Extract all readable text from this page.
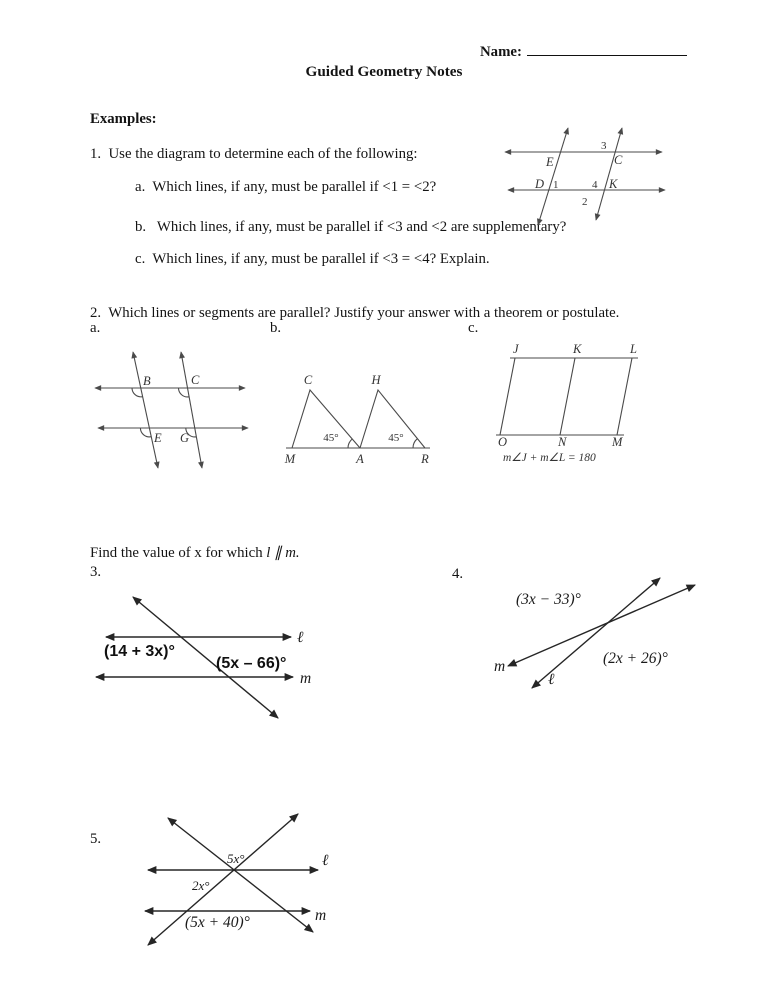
Name:
Guided Geometry Notes
Examples:
1.  Use the diagram to determine each of the following:
a.  Which lines, if any, must be parallel if <1 = <2?
b.   Which lines, if any, must be parallel if <3 and <2 are supplementary?
c.  Which lines, if any, must be parallel if <3 = <4? Explain.
E	C
3
D 1	4 K
2
2.  Which lines or segments are parallel? Justify your answer with a theorem or postulate.
a.	b.	c.
B	C
E G
C	H
M	A	R
45°	45°
J	K	L
O	N	M
m∠J + m∠L = 180
Find the value of x for which l ∥ m.
3.	4.
(14 + 3x)°
(5x – 66)°
ℓ
m
(3x − 33)°
(2x + 26)°
m
ℓ
5.
5x°
2x°
(5x + 40)°
ℓ
m
